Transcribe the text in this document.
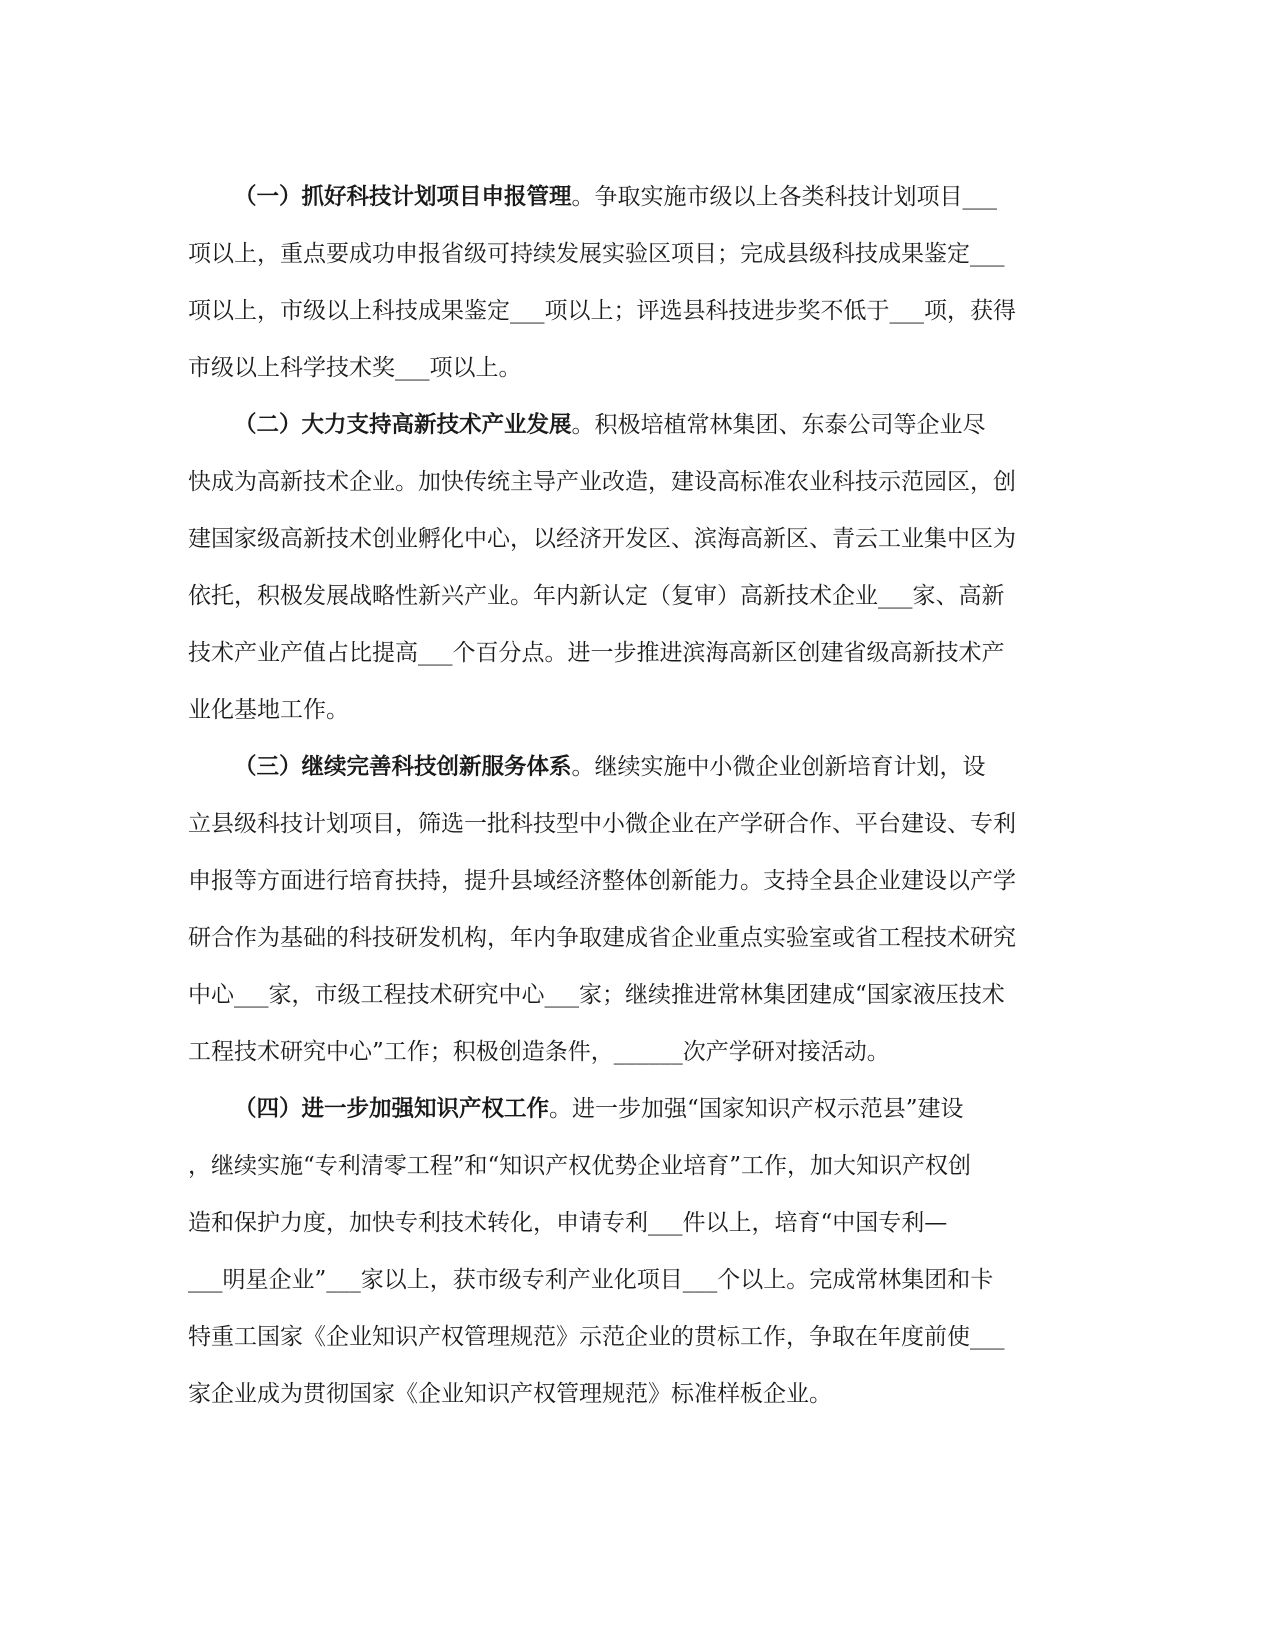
（一）抓好科技计划项目申报管理。争取实施市级以上各类科技计划项目___
项以上，重点要成功申报省级可持续发展实验区项目；完成县级科技成果鉴定___
项以上，市级以上科技成果鉴定___项以上；评选县科技进步奖不低于___项，获得
市级以上科学技术奖___项以上。
（二）大力支持高新技术产业发展。积极培植常林集团、东泰公司等企业尽
快成为高新技术企业。加快传统主导产业改造，建设高标准农业科技示范园区，创
建国家级高新技术创业孵化中心，以经济开发区、滨海高新区、青云工业集中区为
依托，积极发展战略性新兴产业。年内新认定（复审）高新技术企业___家、高新
技术产业产值占比提高___个百分点。进一步推进滨海高新区创建省级高新技术产
业化基地工作。
（三）继续完善科技创新服务体系。继续实施中小微企业创新培育计划，设
立县级科技计划项目，筛选一批科技型中小微企业在产学研合作、平台建设、专利
申报等方面进行培育扶持，提升县域经济整体创新能力。支持全县企业建设以产学
研合作为基础的科技研发机构，年内争取建成省企业重点实验室或省工程技术研究
中心___家，市级工程技术研究中心___家；继续推进常林集团建成“国家液压技术
工程技术研究中心”工作；积极创造条件，______次产学研对接活动。
（四）进一步加强知识产权工作。进一步加强“国家知识产权示范县”建设
，继续实施“专利清零工程”和“知识产权优势企业培育”工作，加大知识产权创
造和保护力度，加快专利技术转化，申请专利___件以上，培育“中国专利—
___明星企业”___家以上，获市级专利产业化项目___个以上。完成常林集团和卡
特重工国家《企业知识产权管理规范》示范企业的贯标工作，争取在年度前使___
家企业成为贯彻国家《企业知识产权管理规范》标准样板企业。
